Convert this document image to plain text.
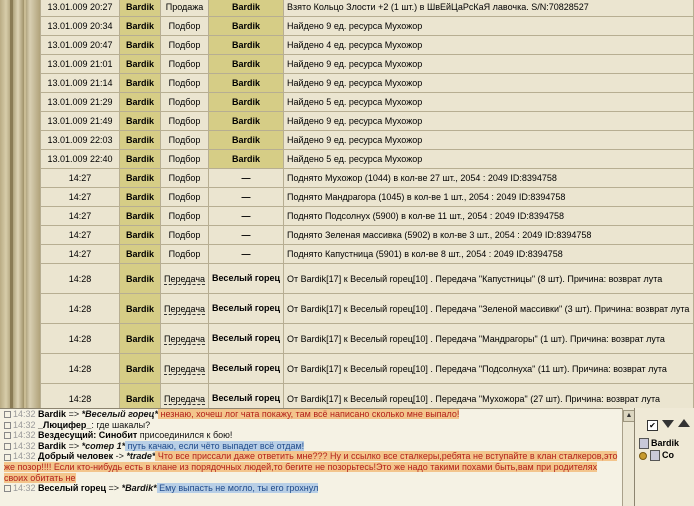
13.01.009 20:27	Bardik	Продажа	Bardik	Взято Кольцо Злости +2 (1 шт.) в ШвЕйЦаРсКаЯ лавочка. S/N:70828527
13.01.009 20:34	Bardik	Подбор	Bardik	Найдено 9 ед. ресурса Мухожор
13.01.009 20:47	Bardik	Подбор	Bardik	Найдено 4 ед. ресурса Мухожор
13.01.009 21:01	Bardik	Подбор	Bardik	Найдено 9 ед. ресурса Мухожор
13.01.009 21:14	Bardik	Подбор	Bardik	Найдено 9 ед. ресурса Мухожор
13.01.009 21:29	Bardik	Подбор	Bardik	Найдено 5 ед. ресурса Мухожор
13.01.009 21:49	Bardik	Подбор	Bardik	Найдено 9 ед. ресурса Мухожор
13.01.009 22:03	Bardik	Подбор	Bardik	Найдено 9 ед. ресурса Мухожор
13.01.009 22:40	Bardik	Подбор	Bardik	Найдено 5 ед. ресурса Мухожор
14:27	Bardik	Подбор	—	Поднято Мухожор (1044) в кол-ве 27 шт., 2054 : 2049 ID:8394758
14:27	Bardik	Подбор	—	Поднято Мандрагора (1045) в кол-ве 1 шт., 2054 : 2049 ID:8394758
14:27	Bardik	Подбор	—	Поднято Подсолнух (5900) в кол-ве 11 шт., 2054 : 2049 ID:8394758
14:27	Bardik	Подбор	—	Поднято Зеленая массивка (5902) в кол-ве 3 шт., 2054 : 2049 ID:8394758
14:27	Bardik	Подбор	—	Поднято Капустница (5901) в кол-ве 8 шт., 2054 : 2049 ID:8394758
14:28	Bardik	Передача	Веселый горец	От Bardik[17] к Веселый горец[10] . Передача "Капустницы" (8 шт). Причина: возврат лута
14:28	Bardik	Передача	Веселый горец	От Bardik[17] к Веселый горец[10] . Передача "Зеленой массивки" (3 шт). Причина: возврат лута
14:28	Bardik	Передача	Веселый горец	От Bardik[17] к Веселый горец[10] . Передача "Мандрагоры" (1 шт). Причина: возврат лута
14:28	Bardik	Передача	Веселый горец	От Bardik[17] к Веселый горец[10] . Передача "Подсолнуха" (11 шт). Причина: возврат лута
14:28	Bardik	Передача	Веселый горец	От Bardik[17] к Веселый горец[10] . Передача "Мухожора" (27 шт). Причина: возврат лута
14:32 Bardik => *Веселый горец* незнаю, хочеш лог чата покажу, там всё написано сколько мне выпало!
14:32 _Люцифер_: где шакалы?
14:32 Вездесущий: Синобит присоединился к бою!
14:32 Bardik => *comep 1* путь качаю, если чёто выпадет всё отдам!
14:32 Добрый человек -> *trade* Что все приссали даже ответить мне??? Ну и ссылко все сталкеры,ребята не вступайте в клан сталкеров,это же позор!!!! Если кто-нибудь есть в клане из порядочных людей,то бегите не позорьтесь!Это же надо такими похами быть,вам при родителях своих обитать не
14:32 Веселый горец => *Bardik* Ему выпасть не могло, ты его грохнул
▲
✔
Bardik
Co
